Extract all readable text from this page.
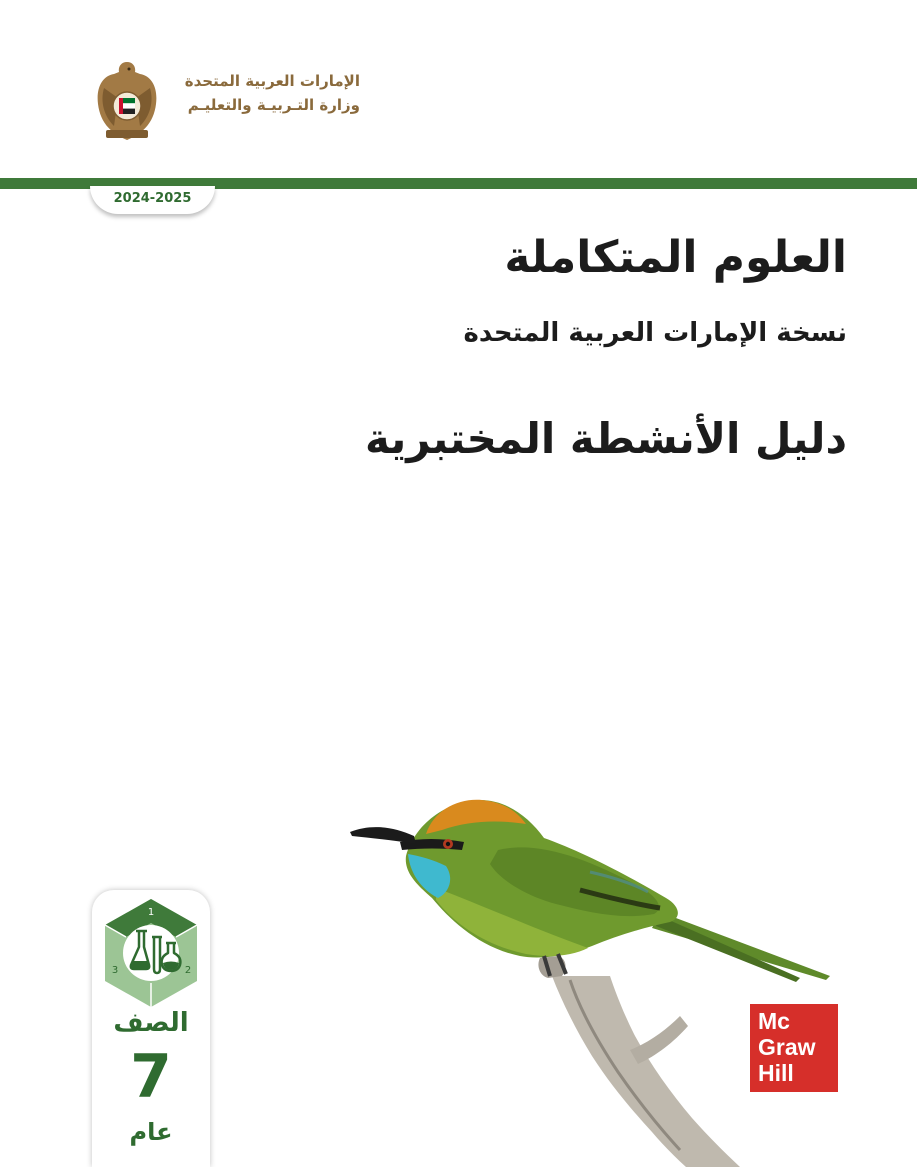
الإمارات العربية المتحدة
وزارة التـربيـة والتعليـم
2024-2025
العلوم المتكاملة
نسخة الإمارات العربية المتحدة
دليل الأنشطة المختبرية
1
2
3
الصف
7
عام
Mc
Graw
Hill
